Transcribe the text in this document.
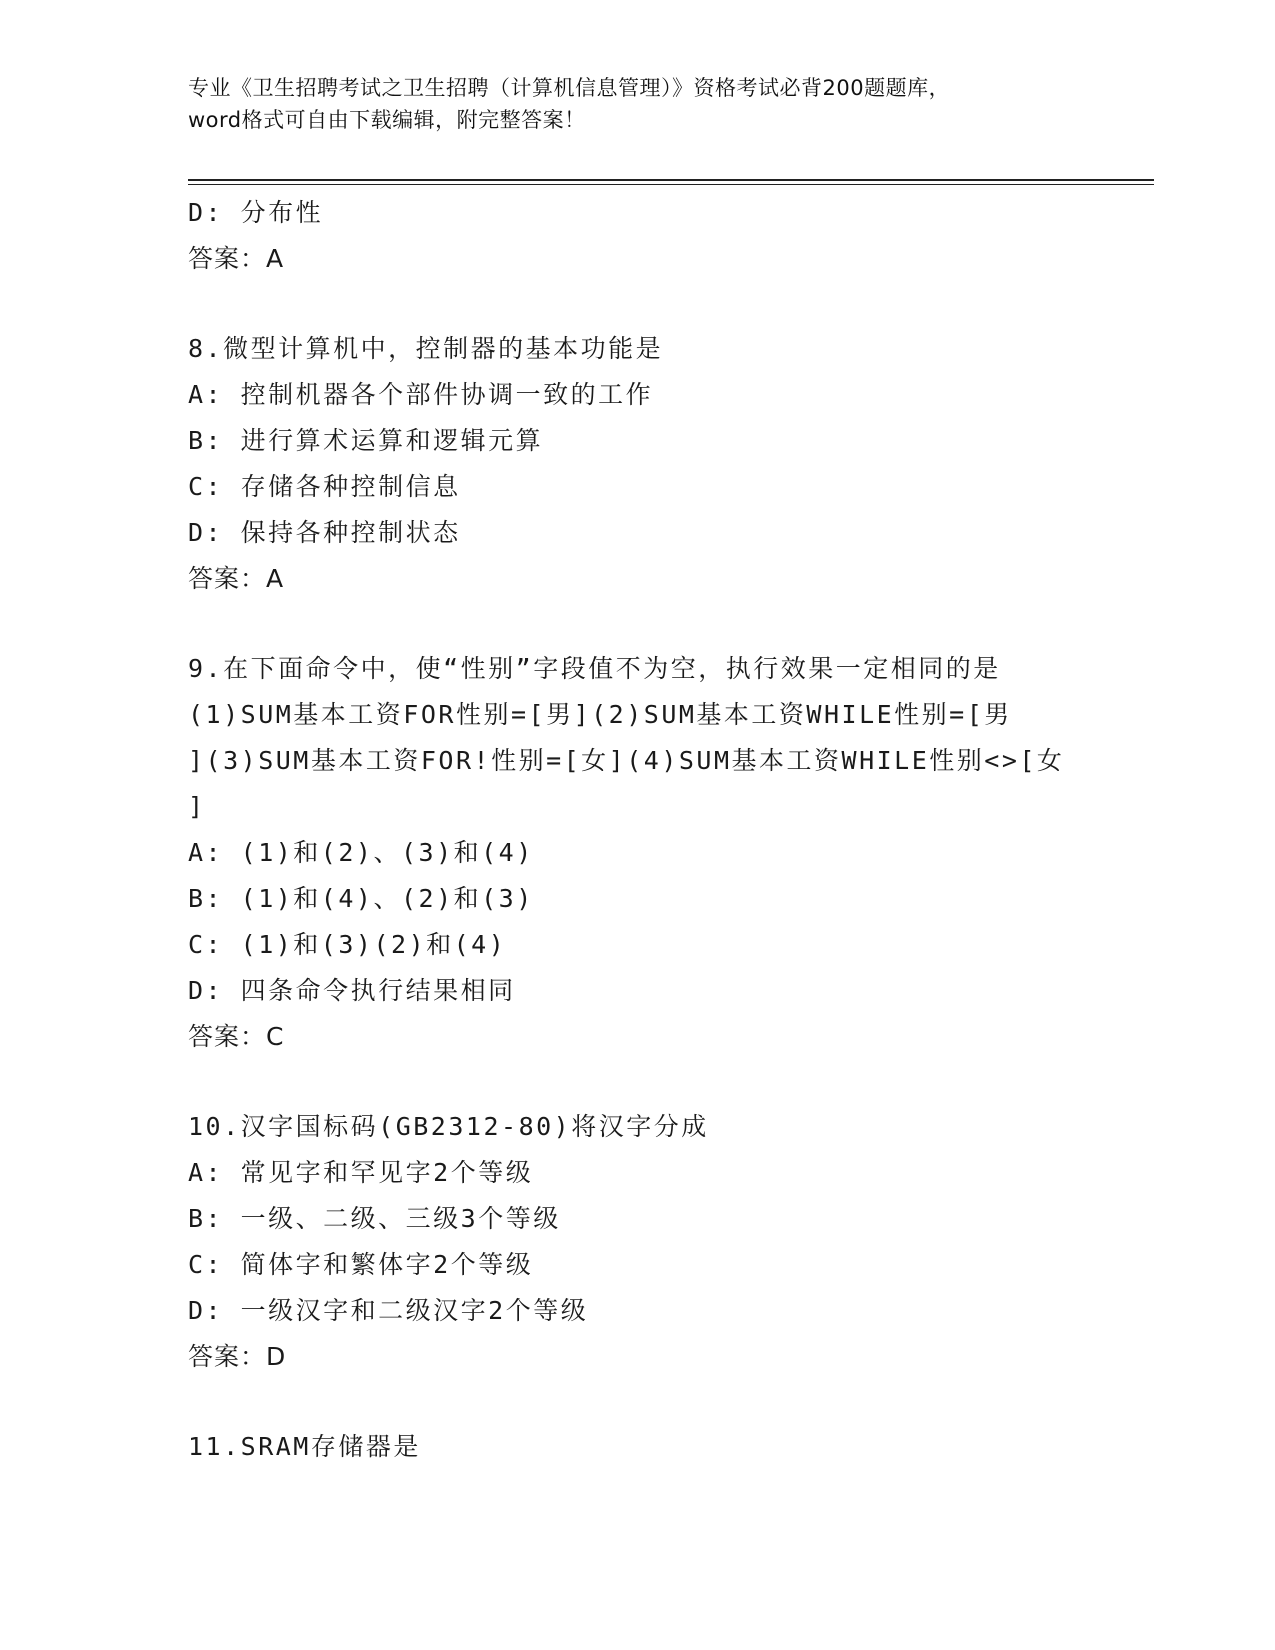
专业《卫生招聘考试之卫生招聘（计算机信息管理）》资格考试必背200题题库，
word格式可自由下载编辑，附完整答案！
D: 分布性
答案：A
8.微型计算机中，控制器的基本功能是
A: 控制机器各个部件协调一致的工作
B: 进行算术运算和逻辑元算
C: 存储各种控制信息
D: 保持各种控制状态
答案：A
9.在下面命令中，使“性别”字段值不为空，执行效果一定相同的是
(1)SUM基本工资FOR性别=[男](2)SUM基本工资WHILE性别=[男
](3)SUM基本工资FOR!性别=[女](4)SUM基本工资WHILE性别<>[女
]
A: (1)和(2)、(3)和(4)
B: (1)和(4)、(2)和(3)
C: (1)和(3)(2)和(4)
D: 四条命令执行结果相同
答案：C
10.汉字国标码(GB2312-80)将汉字分成
A: 常见字和罕见字2个等级
B: 一级、二级、三级3个等级
C: 简体字和繁体字2个等级
D: 一级汉字和二级汉字2个等级
答案：D
11.SRAM存储器是
